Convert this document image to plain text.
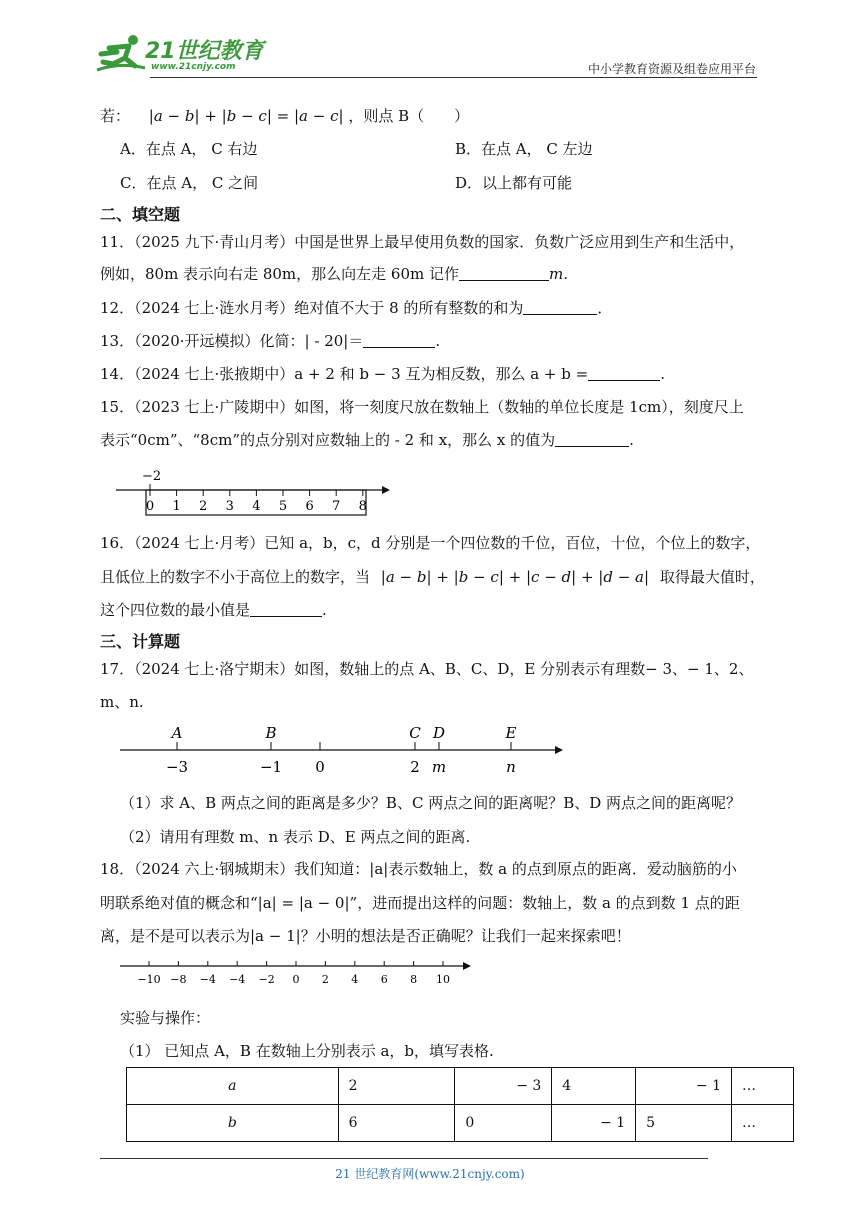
21世纪教育
www.21cnjy.com	中小学教育资源及组卷应用平台
若： |a − b| + |b − c| = |a − c| ，则点 B（　　）
A．在点 A， C 右边	B．在点 A， C 左边
C．在点 A， C 之间	D．以上都有可能
二、填空题
11．（2025 九下·青山月考）中国是世界上最早使用负数的国家．负数广泛应用到生产和生活中，
例如，80m 表示向右走 80m，那么向左走 60m 记作	m.
12．（2024 七上·涟水月考）绝对值不大于 8 的所有整数的和为	．
13．（2020·开远模拟）化简：| - 20|＝	.
14．（2024 七上·张掖期中）a + 2 和 b − 3 互为相反数，那么 a + b =	.
15．（2023 七上·广陵期中）如图，将一刻度尺放在数轴上（数轴的单位长度是 1cm），刻度尺上
表示“0cm”、“8cm”的点分别对应数轴上的 - 2 和 x，那么 x 的值为	.
−2
0 1 2 3 4 5 6 7 8
16．（2024 七上·月考）已知 a，b，c，d 分别是一个四位数的千位，百位，十位，个位上的数字，
且低位上的数字不小于高位上的数字，当 |a − b| + |b − c| + |c − d| + |d − a| 取得最大值时，
这个四位数的最小值是	.
三、计算题
17．（2024 七上·洛宁期末）如图，数轴上的点 A、B、C、D，E 分别表示有理数− 3、− 1、2、
m、n.
A	B	C D	E
−3	−1 0	2 m	n
（1）求 A、B 两点之间的距离是多少？B、C 两点之间的距离呢？B、D 两点之间的距离呢？
（2）请用有理数 m、n 表示 D、E 两点之间的距离.
18．（2024 六上·钢城期末）我们知道：|a|表示数轴上，数 a 的点到原点的距离．爱动脑筋的小
明联系绝对值的概念和“|a| = |a − 0|”，进而提出这样的问题：数轴上，数 a 的点到数 1 点的距
离，是不是可以表示为|a − 1|？小明的想法是否正确呢？让我们一起来探索吧！
−10 −8 −4 −4 −2 0 2 4 6 8 10
实验与操作：
（1） 已知点 A，B 在数轴上分别表示 a，b，填写表格.
a	2	− 3	4	− 1	…
b	6	0	− 1	5	…
21 世纪教育网(www.21cnjy.com)
